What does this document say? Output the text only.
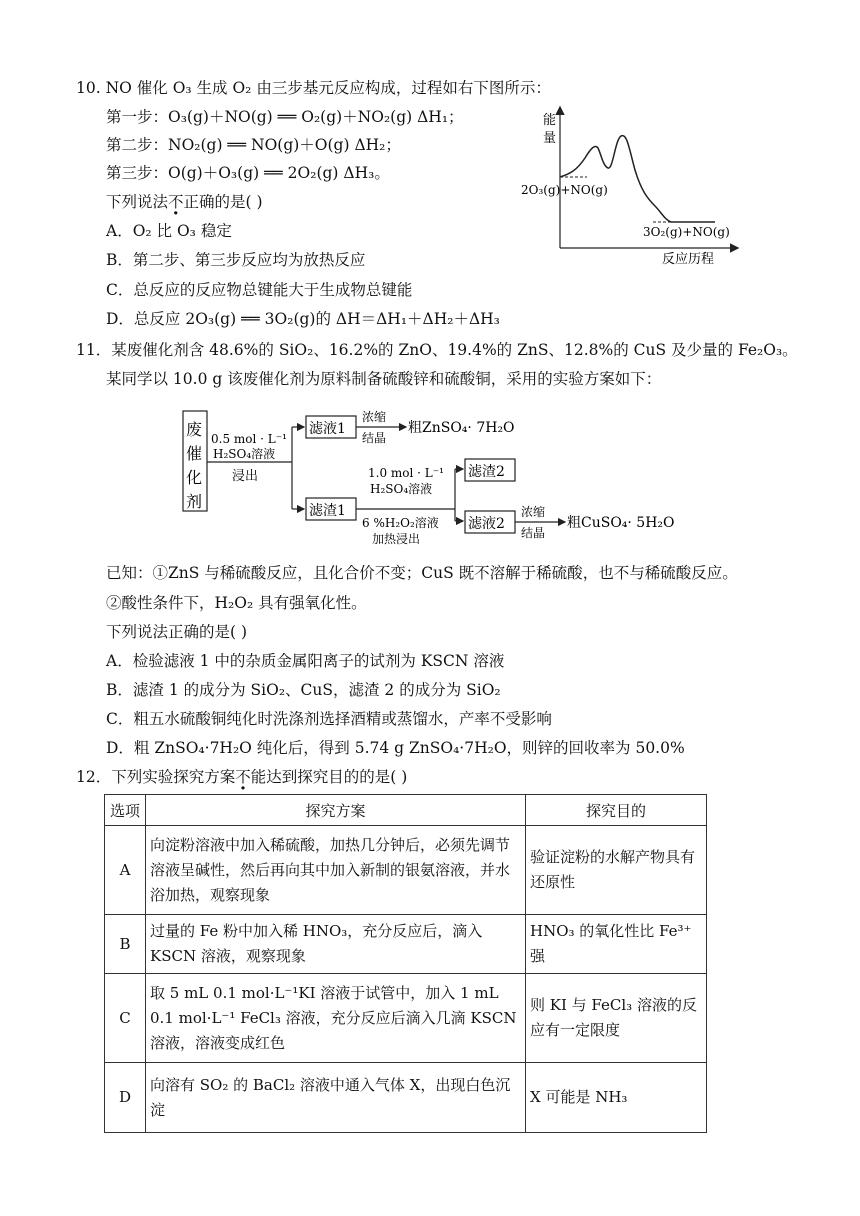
10. NO 催化 O₃ 生成 O₂ 由三步基元反应构成，过程如右下图所示：
第一步：O₃(g)＋NO(g) ══ O₂(g)＋NO₂(g) ΔH₁；
第二步：NO₂(g) ══ NO(g)＋O(g) ΔH₂；
第三步：O(g)＋O₃(g) ══ 2O₂(g) ΔH₃。
下列说法不正确的是( )
A．O₂ 比 O₃ 稳定
B．第二步、第三步反应均为放热反应
C．总反应的反应物总键能大于生成物总键能
D．总反应 2O₃(g) ══ 3O₂(g)的 ΔH＝ΔH₁＋ΔH₂＋ΔH₃
能
量
反应历程
2O₃(g)+NO(g)
3O₂(g)+NO(g)
11．某废催化剂含 48.6%的 SiO₂、16.2%的 ZnO、19.4%的 ZnS、12.8%的 CuS 及少量的 Fe₂O₃。
某同学以 10.0 g 该废催化剂为原料制备硫酸锌和硫酸铜，采用的实验方案如下：
废
催
化
剂
0.5 mol · L⁻¹
H₂SO₄溶液
浸出
滤液1
浓缩
结晶
粗ZnSO₄· 7H₂O
滤渣1
1.0 mol · L⁻¹
H₂SO₄溶液
6 %H₂O₂溶液
加热浸出
滤渣2
滤液2
浓缩
结晶
粗CuSO₄· 5H₂O
已知：①ZnS 与稀硫酸反应，且化合价不变；CuS 既不溶解于稀硫酸，也不与稀硫酸反应。
②酸性条件下，H₂O₂ 具有强氧化性。
下列说法正确的是( )
A．检验滤液 1 中的杂质金属阳离子的试剂为 KSCN 溶液
B．滤渣 1 的成分为 SiO₂、CuS，滤渣 2 的成分为 SiO₂
C．粗五水硫酸铜纯化时洗涤剂选择酒精或蒸馏水，产率不受影响
D．粗 ZnSO₄·7H₂O 纯化后，得到 5.74 g ZnSO₄·7H₂O，则锌的回收率为 50.0%
12．下列实验探究方案不能达到探究目的的是( )
选项	探究方案	探究目的
A	向淀粉溶液中加入稀硫酸，加热几分钟后，必须先调节溶液呈碱性，然后再向其中加入新制的银氨溶液，并水浴加热，观察现象	验证淀粉的水解产物具有还原性
B	过量的 Fe 粉中加入稀 HNO₃，充分反应后，滴入 KSCN 溶液，观察现象	HNO₃ 的氧化性比 Fe³⁺ 强
C	取 5 mL 0.1 mol·L⁻¹KI 溶液于试管中，加入 1 mL 0.1 mol·L⁻¹ FeCl₃ 溶液，充分反应后滴入几滴 KSCN 溶液，溶液变成红色	则 KI 与 FeCl₃ 溶液的反应有一定限度
D	向溶有 SO₂ 的 BaCl₂ 溶液中通入气体 X，出现白色沉淀	X 可能是 NH₃
